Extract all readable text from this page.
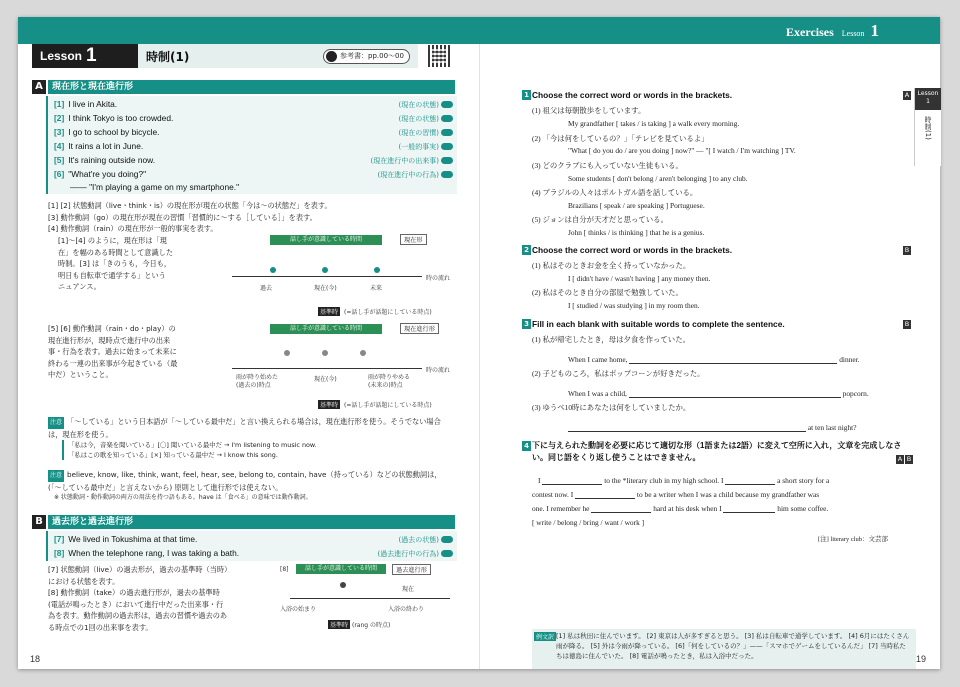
Lesson 1	時制(1)	参考書：pp.00～00
Exercises Lesson 1
A	現在形と現在進行形
[1] I live in Akita.	(現在の状態)
[2] I think Tokyo is too crowded.	(現在の状態)
[3] I go to school by bicycle.	(現在の習慣)
[4] It rains a lot in June.	(一般的事実)
[5] It's raining outside now.	(現在進行中の出来事)
[6] "What're you doing?"	(現在進行中の行為)
—— "I'm playing a game on my smartphone."
[1] [2] 状態動詞（live・think・is）の現在形が現在の状態「今は～の状態だ」を表す。
[3] 動作動詞（go）の現在形が現在の習慣「習慣的に～する［している］」を表す。
[4] 動作動詞（rain）の現在形が一般的事実を表す。
[1]～[4] のように，現在形は「現
在」を幅のある時間として意識した
時制。[3] は「きのうも，今日も，
明日も自転車で通学する」という
ニュアンス。
話し手が意識している時間	現在形
過去	現在(今)	未来
時の流れ
基準時 (=話し手が話題にしている時点)
[5] [6] 動作動詞（rain・do・play）の
現在進行形が，現時点で進行中の出来
事・行為を表す。過去に始まって未来に
終わる一連の出来事が今起きている（最
中だ）ということ。
話し手が意識している時間	現在進行形
雨が降り始めた
(過去の)時点
現在(今)	雨が降りやめる
(未来の)時点
時の流れ
基準時 (=話し手が話題にしている時点)
注意 「～している」という日本語が「～している最中だ」と言い換えられる場合は，現在進行形を使う。そうでない場合は，現在形を使う。
「私は今，音楽を聞いている」[〇] 聞いている最中だ → I'm listening to music now.
「私はこの歌を知っている」[×] 知っている最中だ → I know this song.
注意 believe, know, like, think, want, feel, hear, see, belong to, contain, have（持っている）などの状態動詞は，(「～している最中だ」と言えないから) 原則として進行形では使えない。
※ 状態動詞・動作動詞の両方の用法を持つ語もある。have は「食べる」の意味では動作動詞。
B	過去形と過去進行形
[7] We lived in Tokushima at that time.	(過去の状態)
[8] When the telephone rang, I was taking a bath.	(過去進行中の行為)
[7] 状態動詞（live）の過去形が，過去の基準時（当時）
における状態を表す。
[8] 動作動詞（take）の過去進行形が，過去の基準時
(電話が鳴ったとき）において進行中だった出来事・行
為を表す。動作動詞の過去形は，過去の習慣や過去のあ
る時点での1回の出来事を表す。
[8]	話し手が意識している時間	過去進行形
現在
入浴の始まり	入浴の終わり
基準時 (rang の時点)
18
Lesson 1
時制(1)
1 Choose the correct word or words in the brackets.	A
(1) 祖父は毎朝散歩をしています。
My grandfather [ takes / is taking ] a walk every morning.
(2) 「今は何をしているの？」「テレビを見ているよ」
"What [ do you do / are you doing ] now?" — "[ I watch / I'm watching ] TV.
(3) どのクラブにも入っていない生徒もいる。
Some students [ don't belong / aren't belonging ] to any club.
(4) ブラジルの人々はポルトガル語を話している。
Brazilians [ speak / are speaking ] Portuguese.
(5) ジョンは自分が天才だと思っている。
John [ thinks / is thinking ] that he is a genius.
2 Choose the correct word or words in the brackets.	B
(1) 私はそのときお金を全く持っていなかった。
I [ didn't have / wasn't having ] any money then.
(2) 私はそのとき自分の部屋で勉強していた。
I [ studied / was studying ] in my room then.
3 Fill in each blank with suitable words to complete the sentence.	B
(1) 私が帰宅したとき，母は夕食を作っていた。
When I came home,	dinner.
(2) 子どものころ，私はポップコーンが好きだった。
When I was a child,	popcorn.
(3) ゆうべ10時にあなたは何をしていましたか。
at ten last night?
4 下に与えられた動詞を必要に応じて適切な形（1語または2語）に変えて空所に入れ，文章を完成しなさい。同じ語をくり返し使うことはできません。	A B
I	to the *literary club in my high school. I	a short story for a
contest now. I	to be a writer when I was a child because my grandfather was
one. I remember he	hard at his desk when I	him some coffee.
[ write / belong / bring / want / work ]
[注] literary club：文芸部
例文訳 [1] 私は秋田に住んでいます。 [2] 東京は人が多すぎると思う。 [3] 私は自転車で通学しています。 [4] 6月にはたくさん雨が降る。 [5] 外は今雨が降っている。 [6]「何をしているの？」——「スマホでゲームをしているんだ」 [7] 当時私たちは徳島に住んでいた。 [8] 電話が鳴ったとき，私は入浴中だった。	19
